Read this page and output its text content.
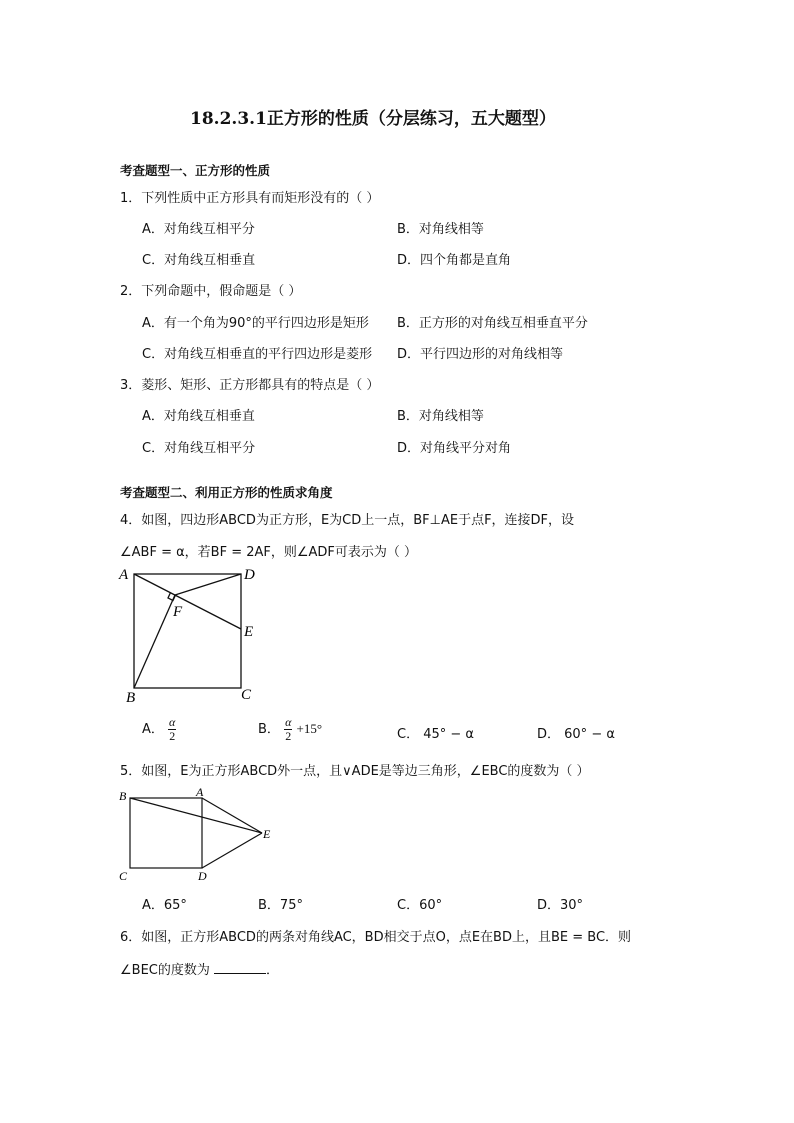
18.2.3.1正方形的性质（分层练习，五大题型）
考查题型一、正方形的性质
1．下列性质中正方形具有而矩形没有的（ ）
A．对角线互相平分	B．对角线相等
C．对角线互相垂直	D．四个角都是直角
2．下列命题中，假命题是（ ）
A．有一个角为90°的平行四边形是矩形 B．正方形的对角线互相垂直平分
C．对角线互相垂直的平行四边形是菱形 D．平行四边形的对角线相等
3．菱形、矩形、正方形都具有的特点是（ ）
A．对角线互相垂直	B．对角线相等
C．对角线互相平分	D．对角线平分对角
考查题型二、利用正方形的性质求角度
4．如图，四边形ABCD为正方形，E为CD上一点，BF⊥AE于点F，连接DF，设
∠ABF = α，若BF = 2AF，则∠ADF可表示为（ ）
A	D
F
E
B	C
A． $\frac{\alpha}{2}$	B． $\frac{\alpha}{2} +15^\circ$	C． 45° − α	D． 60° − α
5．如图，E为正方形ABCD外一点，且∨ADE是等边三角形，∠EBC的度数为（ ）
B	A
E
C	D
A．65°	B．75°	C．60°	D．30°
6．如图，正方形ABCD的两条对角线AC，BD相交于点O，点E在BD上，且BE = BC．则
∠BEC的度数为	．
